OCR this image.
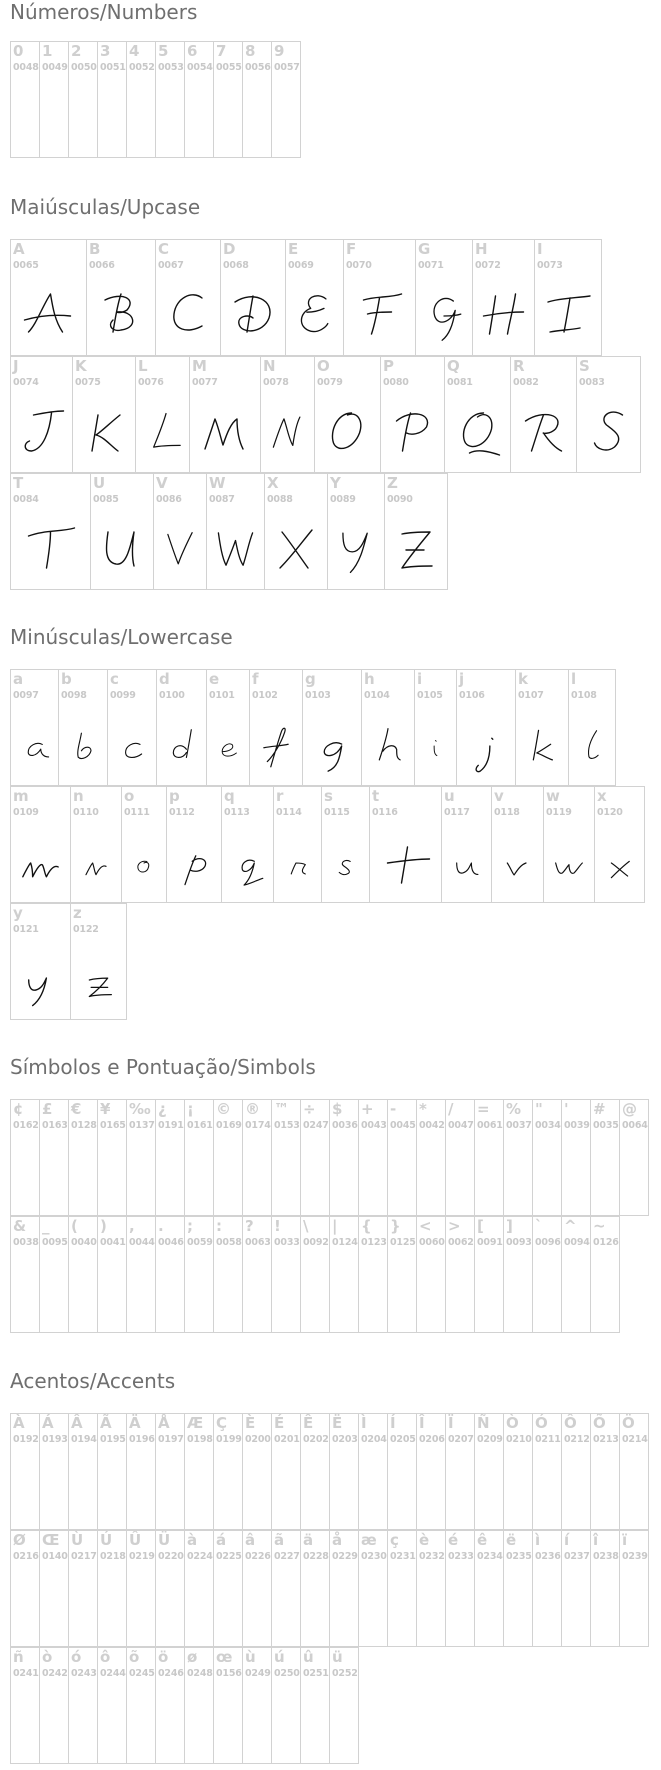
Números/Numbers
0
0048
1
0049
2
0050
3
0051
4
0052
5
0053
6
0054
7
0055
8
0056
9
0057
Maiúsculas/Upcase
A
0065
B
0066
C
0067
D
0068
E
0069
F
0070
G
0071
H
0072
I
0073
J
0074
K
0075
L
0076
M
0077
N
0078
O
0079
P
0080
Q
0081
R
0082
S
0083
T
0084
U
0085
V
0086
W
0087
X
0088
Y
0089
Z
0090
Minúsculas/Lowercase
a
0097
b
0098
c
0099
d
0100
e
0101
f
0102
g
0103
h
0104
i
0105
j
0106
k
0107
l
0108
m
0109
n
0110
o
0111
p
0112
q
0113
r
0114
s
0115
t
0116
u
0117
v
0118
w
0119
x
0120
y
0121
z
0122
Símbolos e Pontuação/Simbols
¢
0162
£
0163
€
0128
¥
0165
‰
0137
¿
0191
¡
0161
©
0169
®
0174
™
0153
÷
0247
$
0036
+
0043
-
0045
*
0042
/
0047
=
0061
%
0037
"
0034
'
0039
#
0035
@
0064
&
0038
_
0095
(
0040
)
0041
,
0044
.
0046
;
0059
:
0058
?
0063
!
0033
\
0092
|
0124
{
0123
}
0125
<
0060
>
0062
[
0091
]
0093
`
0096
^
0094
~
0126
Acentos/Accents
À
0192
Á
0193
Â
0194
Ã
0195
Ä
0196
Å
0197
Æ
0198
Ç
0199
È
0200
É
0201
Ê
0202
Ë
0203
Ì
0204
Í
0205
Î
0206
Ï
0207
Ñ
0209
Ò
0210
Ó
0211
Ô
0212
Õ
0213
Ö
0214
Ø
0216
Œ
0140
Ù
0217
Ú
0218
Û
0219
Ü
0220
à
0224
á
0225
â
0226
ã
0227
ä
0228
å
0229
æ
0230
ç
0231
è
0232
é
0233
ê
0234
ë
0235
ì
0236
í
0237
î
0238
ï
0239
ñ
0241
ò
0242
ó
0243
ô
0244
õ
0245
ö
0246
ø
0248
œ
0156
ù
0249
ú
0250
û
0251
ü
0252
